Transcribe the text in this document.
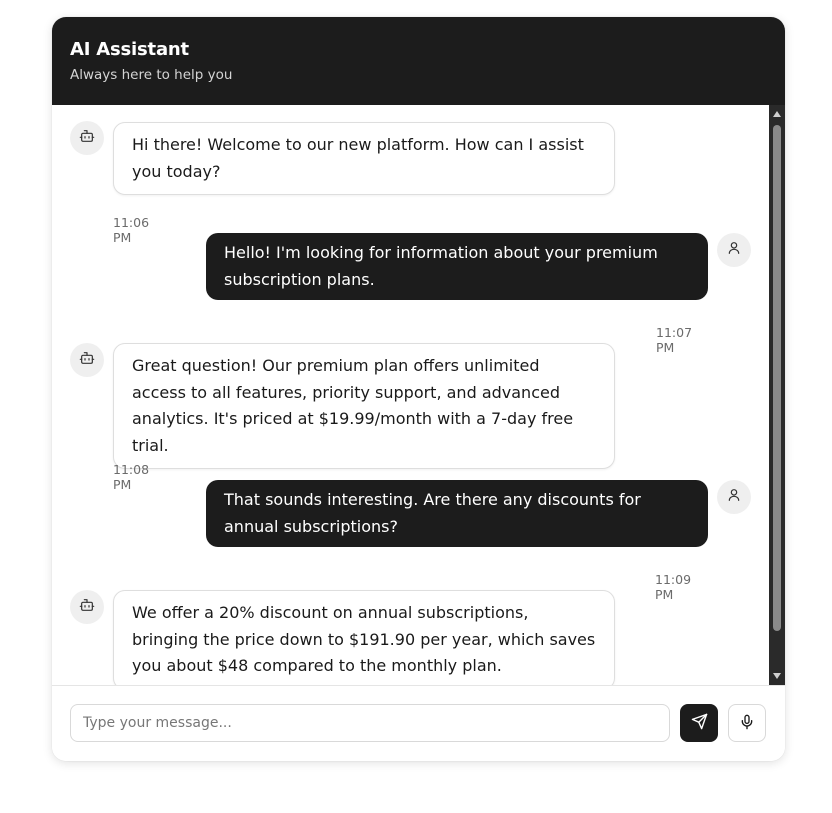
AI Assistant
Always here to help you
Hi there! Welcome to our new platform. How can I assist you today?
11:06 PM
Hello! I'm looking for information about your premium subscription plans.
11:07 PM
Great question! Our premium plan offers unlimited access to all features, priority support, and advanced analytics. It's priced at $19.99/month with a 7-day free trial.
11:08 PM
That sounds interesting. Are there any discounts for annual subscriptions?
11:09 PM
We offer a 20% discount on annual subscriptions, bringing the price down to $191.90 per year, which saves you about $48 compared to the monthly plan.
Type your message...
